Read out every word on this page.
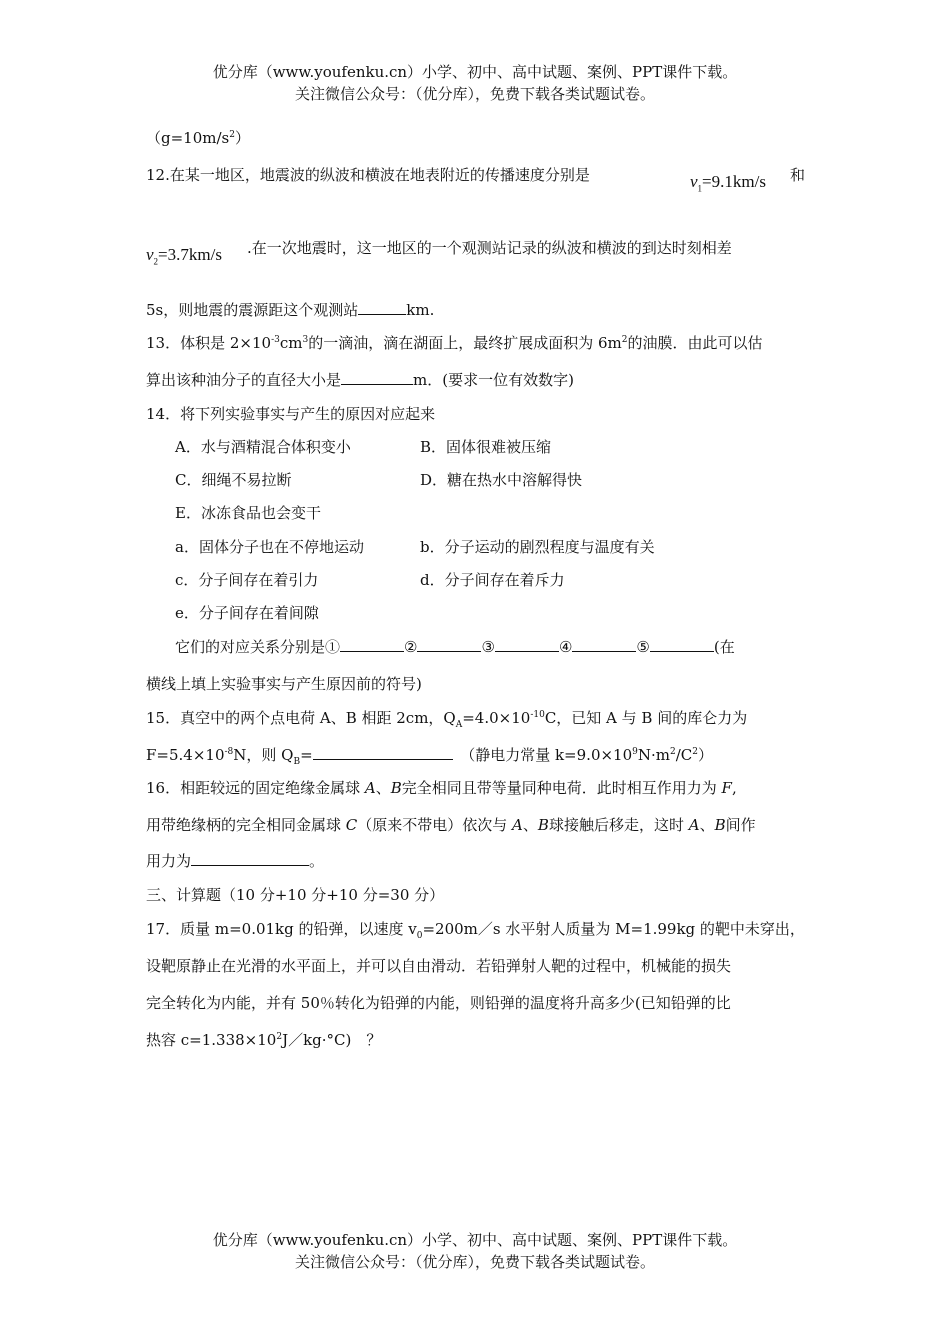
优分库（www.youfenku.cn）小学、初中、高中试题、案例、PPT课件下载。
关注微信公众号：（优分库），免费下载各类试题试卷。
$(g=10m/s^2)$
12.在某一地区，地震波的纵波和横波在地表附近的传播速度分别是	$v_1=9.1km/s$ 和
$v_2=3.7km/s$ .在一次地震时，这一地区的一个观测站记录的纵波和横波的到达时刻相差
5s，则地震的震源距这个观测站	km.
13．体积是 $2\times 10^{-3}cm^3$的一滴油，滴在湖面上，最终扩展成面积为 $6m^2$的油膜．由此可以估
算出该种油分子的直径大小是	m．(要求一位有效数字)
14．将下列实验事实与产生的原因对应起来
A．水与酒精混合体积变小	B．固体很难被压缩
C．细绳不易拉断	D．糖在热水中溶解得快
E．冰冻食品也会变干
a．固体分子也在不停地运动	b．分子运动的剧烈程度与温度有关
c．分子间存在着引力	d．分子间存在着斥力
e．分子间存在着间隙
它们的对应关系分别是①	②	③	④	⑤	(在
横线上填上实验事实与产生原因前的符号)
15．真空中的两个点电荷 A、B 相距 2cm，$Q_A=4.0\times 10^{-10}C$，已知 A 与 B 间的库仑力为
$F=5.4\times 10^{-8}N$，则 $Q_B=$　	（静电力常量 $k=9.0\times 10^9N\cdot m^2/C^2$）
16．相距较远的固定绝缘金属球 A、B完全相同且带等量同种电荷．此时相互作用力为 F,
用带绝缘柄的完全相同金属球 C（原来不带电）依次与 A、B球接触后移走，这时 A、B间作
用力为	。
三、计算题（10 分+10 分+10 分=30 分）
17．质量 m=0.01kg 的铅弹，以速度 $v_0=200m/s$ 水平射人质量为 M=1.99kg 的靶中未穿出，
设靶原静止在光滑的水平面上，并可以自由滑动．若铅弹射人靶的过程中，机械能的损失
完全转化为内能，并有 50％转化为铅弹的内能，则铅弹的温度将升高多少(已知铅弹的比
热容 $c=1.338\times 10^2J/kg\cdot^\circ C$)　？
优分库（www.youfenku.cn）小学、初中、高中试题、案例、PPT课件下载。
关注微信公众号：（优分库），免费下载各类试题试卷。
